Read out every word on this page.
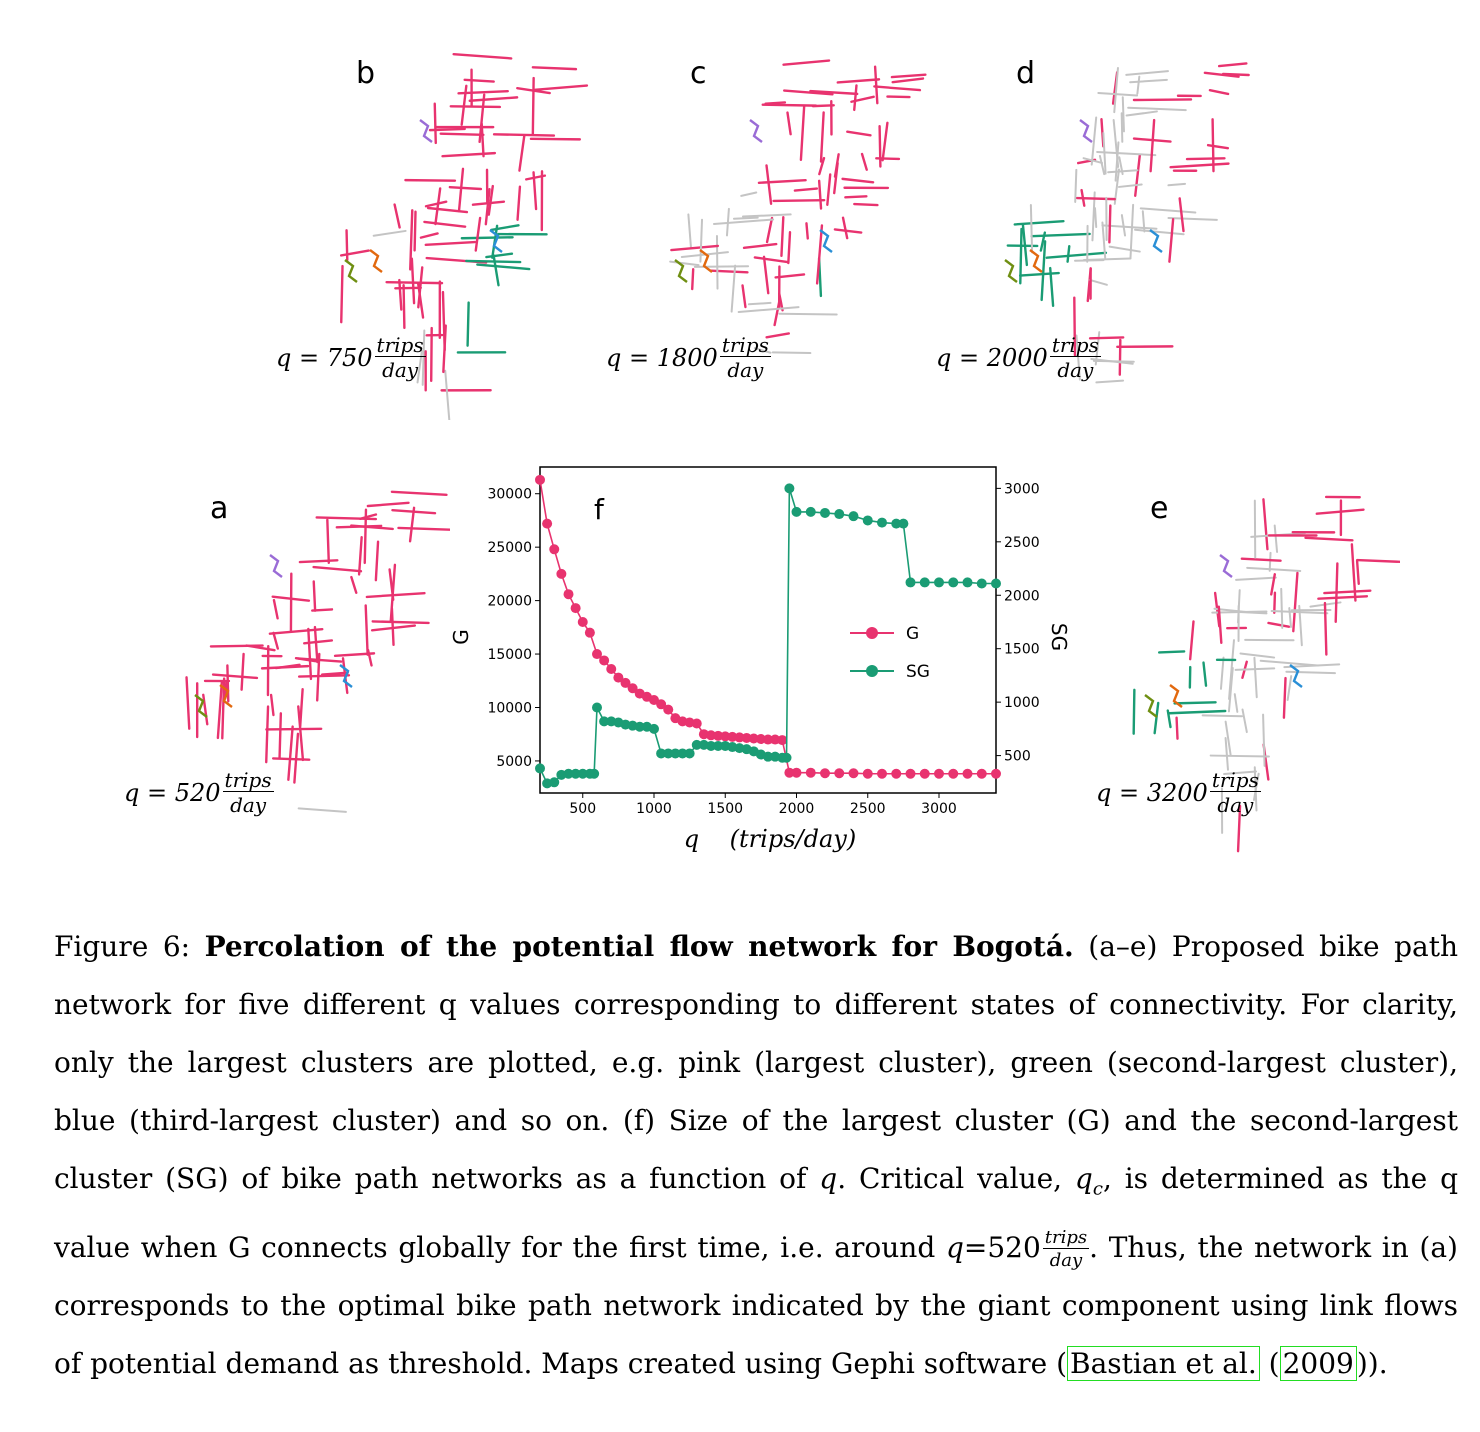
b
$q = 750 \frac{\text{trips}}{\text{day}}$
c
$q = 1800 \frac{\text{trips}}{\text{day}}$
d
$q = 2000 \frac{\text{trips}}{\text{day}}$
a
$q = 520 \frac{\text{trips}}{\text{day}}$
e
$q = 3200 \frac{\text{trips}}{\text{day}}$
500	1000	1500	2000	2500	3000
5000
10000
15000
20000
25000
30000
500
1000
1500
2000
2500
3000
G
SG
f
G	SG
q    (trips/day)
Figure 6: Percolation of the potential flow network for Bogotá. (a–e) Proposed bike path network for five different q values corresponding to different states of connectivity. For clarity, only the largest clusters are plotted, e.g. pink (largest cluster), green (second-largest cluster), blue (third-largest cluster) and so on. (f) Size of the largest cluster (G) and the second-largest cluster (SG) of bike path networks as a function of q. Critical value, $q_c$, is determined as the q value when G connects globally for the first time, i.e. around $q=520 \frac{\text{trips}}{\text{day}}$ . Thus, the network in (a) corresponds to the optimal bike path network indicated by the giant component using link flows of potential demand as threshold. Maps created using Gephi software ( Bastian et al. ( 2009 )).
